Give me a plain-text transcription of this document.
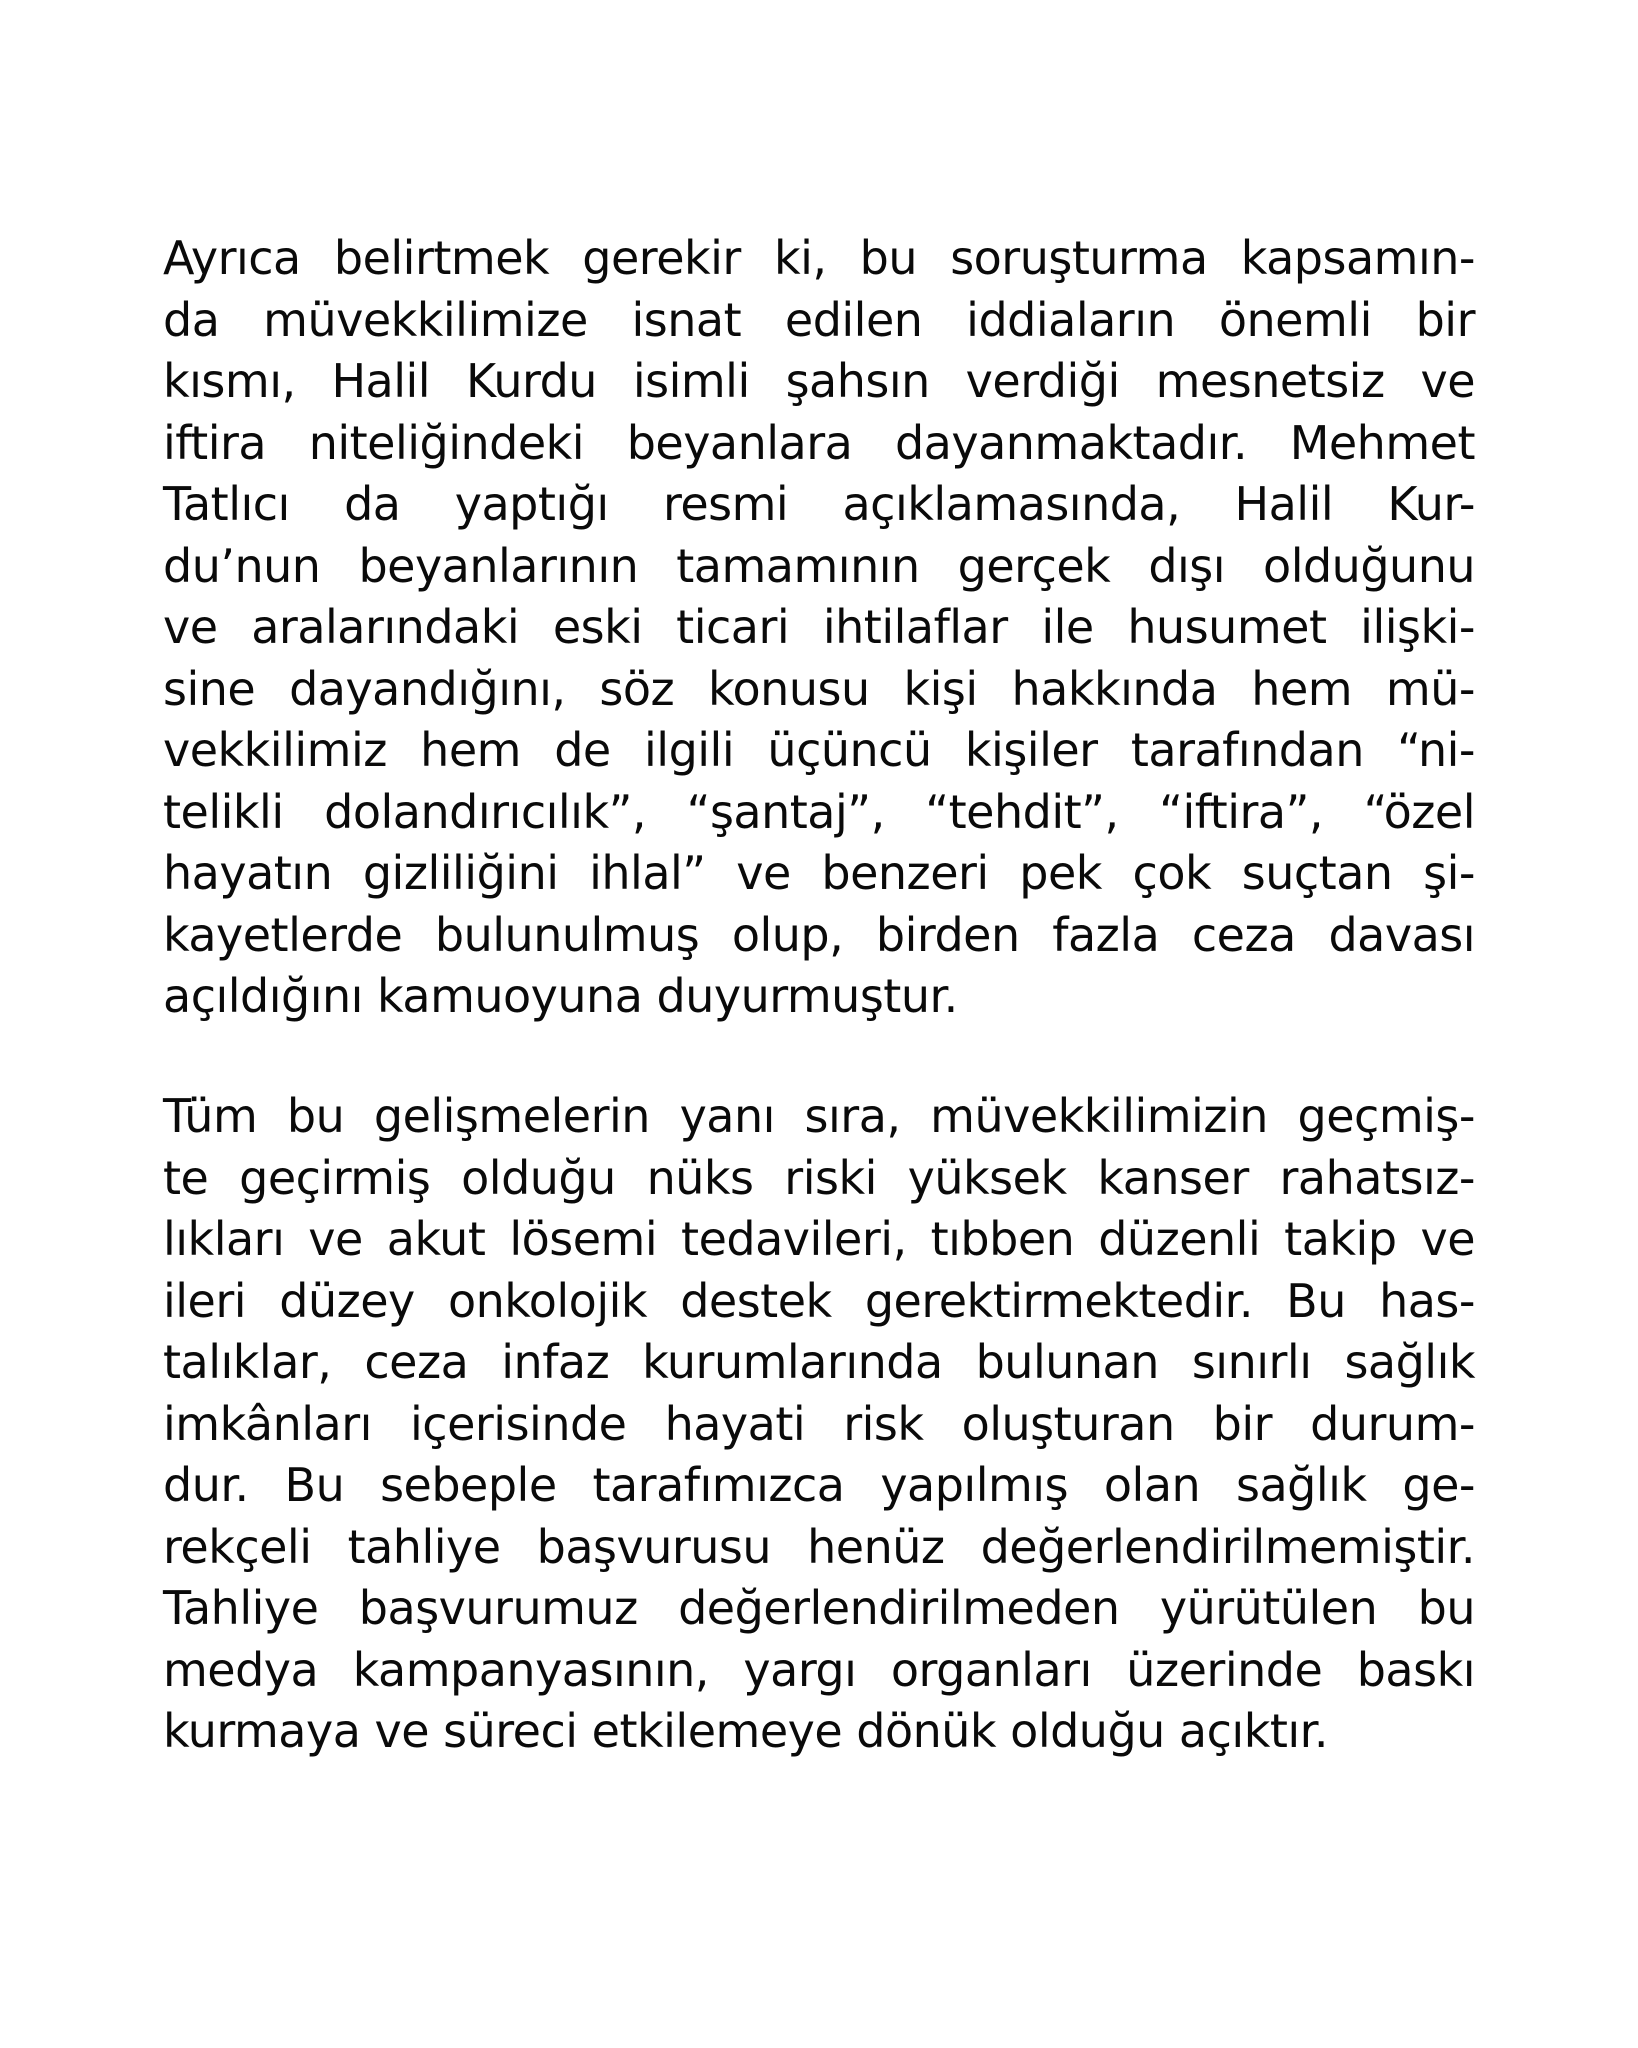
Ayrıca belirtmek gerekir ki, bu soruşturma kapsamın-
da müvekkilimize isnat edilen iddiaların önemli bir
kısmı, Halil Kurdu isimli şahsın verdiği mesnetsiz ve
iftira niteliğindeki beyanlara dayanmaktadır. Mehmet
Tatlıcı da yaptığı resmi açıklamasında, Halil Kur-
du’nun beyanlarının tamamının gerçek dışı olduğunu
ve aralarındaki eski ticari ihtilaflar ile husumet ilişki-
sine dayandığını, söz konusu kişi hakkında hem mü-
vekkilimiz hem de ilgili üçüncü kişiler tarafından “ni-
telikli dolandırıcılık”, “şantaj”, “tehdit”, “iftira”, “özel
hayatın gizliliğini ihlal” ve benzeri pek çok suçtan şi-
kayetlerde bulunulmuş olup, birden fazla ceza davası
açıldığını kamuoyuna duyurmuştur.
Tüm bu gelişmelerin yanı sıra, müvekkilimizin geçmiş-
te geçirmiş olduğu nüks riski yüksek kanser rahatsız-
lıkları ve akut lösemi tedavileri, tıbben düzenli takip ve
ileri düzey onkolojik destek gerektirmektedir. Bu has-
talıklar, ceza infaz kurumlarında bulunan sınırlı sağlık
imkânları içerisinde hayati risk oluşturan bir durum-
dur. Bu sebeple tarafımızca yapılmış olan sağlık ge-
rekçeli tahliye başvurusu henüz değerlendirilmemiştir.
Tahliye başvurumuz değerlendirilmeden yürütülen bu
medya kampanyasının, yargı organları üzerinde baskı
kurmaya ve süreci etkilemeye dönük olduğu açıktır.
